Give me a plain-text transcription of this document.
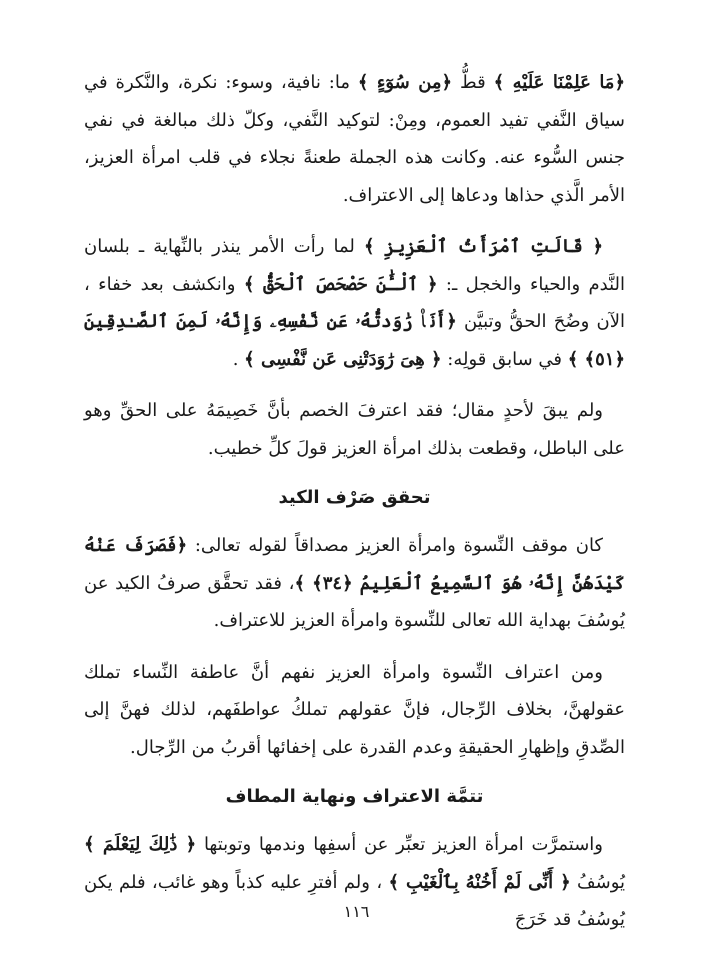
﴿مَا عَلِمْنَا عَلَيْهِ ﴾ قطُّ ﴿مِن سُوٓءٍ ﴾ ما: نافية، وسوء: نكرة، والنَّكرة في سياق النَّفي تفيد العموم، ومِنْ: لتوكيد النَّفي، وكلّ ذلك مبالغة في نفي جنس السُّوء عنه. وكانت هذه الجملة طعنةً نجلاء في قلب امرأة العزيز، الأمر الَّذي حذاها ودعاها إلى الاعتراف.

﴿ قَالَتِ ٱمْرَأَتُ ٱلْعَزِيزِ ﴾ لما رأت الأمر ينذر بالنِّهاية ـ بلسان النَّدم والحياء والخجل ـ: ﴿ ٱلْـَٰٔنَ حَصْحَصَ ٱلْحَقُّ ﴾ وانكشف بعد خفاء ، الآن وضُحَ الحقُّ وتبيَّن ﴿أَنَا۠ رَٰوَدتُّهُۥ عَن نَّفْسِهِۦ وَإِنَّهُۥ لَمِنَ ٱلصَّـٰدِقِينَ ﴿٥١﴾ ﴾ في سابق قولِه: ﴿ هِىَ رَٰوَدَتْنِى عَن نَّفْسِى ﴾ .

ولم يبقَ لأحدٍ مقال؛ فقد اعترفَ الخصم بأنَّ خَصِيمَهُ على الحقِّ وهو على الباطل، وقطعت بذلك امرأة العزيز قولَ كلِّ خطيب.

تحقق صَرْف الكيد

كان موقف النِّسوة وامرأة العزيز مصداقاً لقوله تعالى: ﴿فَصَرَفَ عَنْهُ كَيْدَهُنَّ إِنَّهُۥ هُوَ ٱلسَّمِيعُ ٱلْعَلِيمُ ﴿٣٤﴾ ﴾، فقد تحقَّق صرفُ الكيد عن يُوسُفَ بهداية الله تعالى للنِّسوة وامرأة العزيز للاعتراف.

ومن اعتراف النِّسوة وامرأة العزيز نفهم أنَّ عاطفة النِّساء تملك عقولهنَّ، بخلاف الرِّجال، فإنَّ عقولهم تملكُ عواطفَهم، لذلك فهنَّ إلى الصِّدقِ وإظهارِ الحقيقةِ وعدم القدرة على إخفائها أقربُ من الرِّجال.

تتمَّة الاعتراف ونهاية المطاف

واستمرَّت امرأة العزيز تعبِّر عن أسفِها وندمها وتوبتها ﴿ ذَٰلِكَ لِيَعْلَمَ ﴾ يُوسُفُ ﴿ أَنِّى لَمْ أَخُنْهُ بِٱلْغَيْبِ ﴾ ، ولم أفترِ عليه كذباً وهو غائب، فلم يكن يُوسُفُ قد خَرَجَ

١١٦
